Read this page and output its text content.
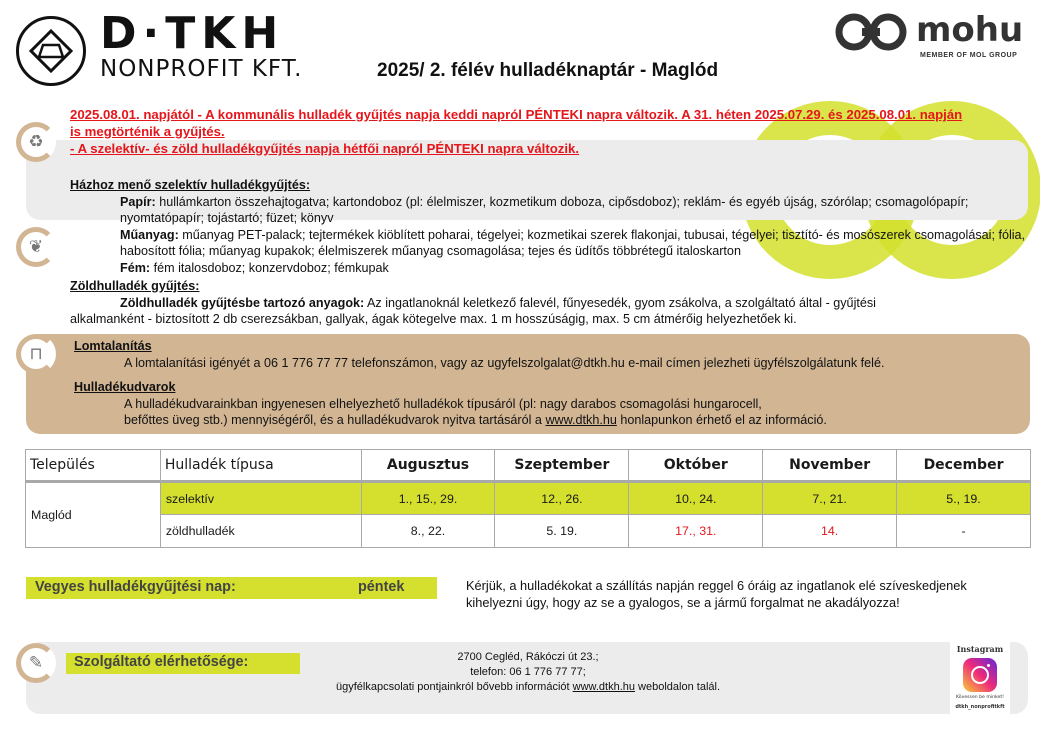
D·TKH
NONPROFIT KFT.	2025/ 2. félév hulladéknaptár - Maglód
mohu
MEMBER OF MOL GROUP
♻
❦
⊓
✎
2025.08.01. napjától - A kommunális hulladék gyűjtés napja keddi napról PÉNTEKI napra változik. A 31. héten 2025.07.29. és 2025.08.01. napján is megtörténik a gyűjtés.
- A szelektív- és zöld hulladékgyűjtés napja hétfői napról PÉNTEKI napra változik.
Házhoz menő szelektív hulladékgyűjtés:
Papír: hullámkarton összehajtogatva; kartondoboz (pl: élelmiszer, kozmetikum doboza, cipősdoboz); reklám- és egyéb újság, szórólap; csomagolópapír; nyomtatópapír; tojástartó; füzet; könyv
Műanyag: műanyag PET-palack; tejtermékek kiöblített poharai, tégelyei; kozmetikai szerek flakonjai, tubusai, tégelyei; tisztító- és mosószerek csomagolásai; fólia, habosított fólia; műanyag kupakok; élelmiszerek műanyag csomagolása; tejes és üdítős többrétegű italoskarton
Fém: fém italosdoboz; konzervdoboz; fémkupak
Zöldhulladék gyűjtés:
Zöldhulladék gyűjtésbe tartozó anyagok: Az ingatlanoknál keletkező falevél, fűnyesedék, gyom zsákolva, a szolgáltató által - gyűjtési
alkalmanként - biztosított 2 db cserezsákban, gallyak, ágak kötegelve max. 1 m hosszúságig, max. 5 cm átmérőig helyezhetőek ki.
Lomtalanítás
A lomtalanítási igényét a 06 1 776 77 77 telefonszámon, vagy az ugyfelszolgalat@dtkh.hu e-mail címen jelezheti ügyfélszolgálatunk felé.
Hulladékudvarok
A hulladékudvarainkban ingyenesen elhelyezhető hulladékok típusáról (pl: nagy darabos csomagolási hungarocell,
befőttes üveg stb.) mennyiségéről, és a hulladékudvarok nyitva tartásáról a www.dtkh.hu honlapunkon érhető el az információ.
Település	Hulladék típusa	Augusztus	Szeptember	Október	November	December
Maglód	szelektív	1., 15., 29.	12., 26.	10., 24.	7., 21.	5., 19.
	zöldhulladék	8., 22.	5. 19.	17., 31.	14.	-
Vegyes hulladékgyűjtési nap:	péntek	Kérjük, a hulladékokat a szállítás napján reggel 6 óráig az ingatlanok elé szíveskedjenek kihelyezni úgy, hogy az se a gyalogos, se a jármű forgalmat ne akadályozza!
Szolgáltató elérhetősége:	2700 Cegléd, Rákóczi út 23.;
telefon: 06 1 776 77 77;
ügyfélkapcsolati pontjainkról bővebb információt www.dtkh.hu weboldalon talál.
Instagram
Kövessen be minket!
dtkh_nonprofitkft
